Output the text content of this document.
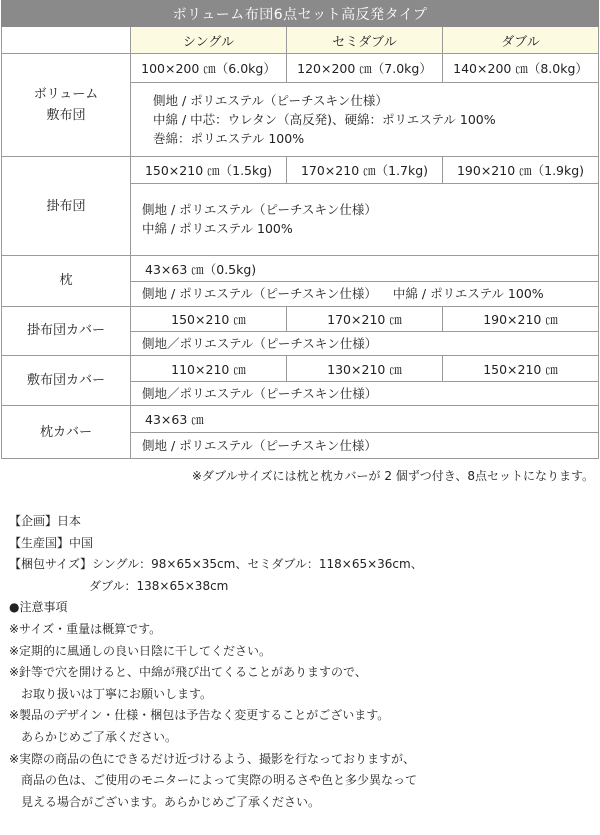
ボリューム布団6点セット高反発タイプ			
	シングル	セミダブル	ダブル

ボリューム
敷布団	100×200 ㎝（6.0kg）	120×200 ㎝（7.0kg）	140×200 ㎝（8.0kg）

	側地 / ポリエステル（ピーチスキン仕様）
中綿 / 中芯：ウレタン（高反発)、硬綿：ポリエステル 100%
巻綿：ポリエステル 100%		

掛布団	150×210 ㎝（1.5kg)	170×210 ㎝（1.7kg)	190×210 ㎝（1.9kg)

	側地 / ポリエステル（ピーチスキン仕様）
中綿 / ポリエステル 100%		

枕	43×63 ㎝（0.5kg)		
	側地 / ポリエステル（ピーチスキン仕様） 中綿 / ポリエステル 100%		
掛布団カバー	150×210 ㎝	170×210 ㎝	190×210 ㎝
	側地／ポリエステル（ピーチスキン仕様）		
敷布団カバー	110×210 ㎝	130×210 ㎝	150×210 ㎝
	側地／ポリエステル（ピーチスキン仕様）		
枕カバー	43×63 ㎝		
	側地 / ポリエステル（ピーチスキン仕様）		
※ダブルサイズには枕と枕カバーが 2 個ずつ付き、8点セットになります。
【企画】日本
【生産国】中国
【梱包サイズ】シングル：98×65×35cm、セミダブル：118×65×36cm、
ダブル：138×65×38cm
●注意事項
※サイズ・重量は概算です。
※定期的に風通しの良い日陰に干してください。
※針等で穴を開けると、中綿が飛び出てくることがありますので、
お取り扱いは丁寧にお願いします。
※製品のデザイン・仕様・梱包は予告なく変更することがございます。
あらかじめご了承ください。
※実際の商品の色にできるだけ近づけるよう、撮影を行なっておりますが、
商品の色は、ご使用のモニターによって実際の明るさや色と多少異なって
見える場合がございます。あらかじめご了承ください。
